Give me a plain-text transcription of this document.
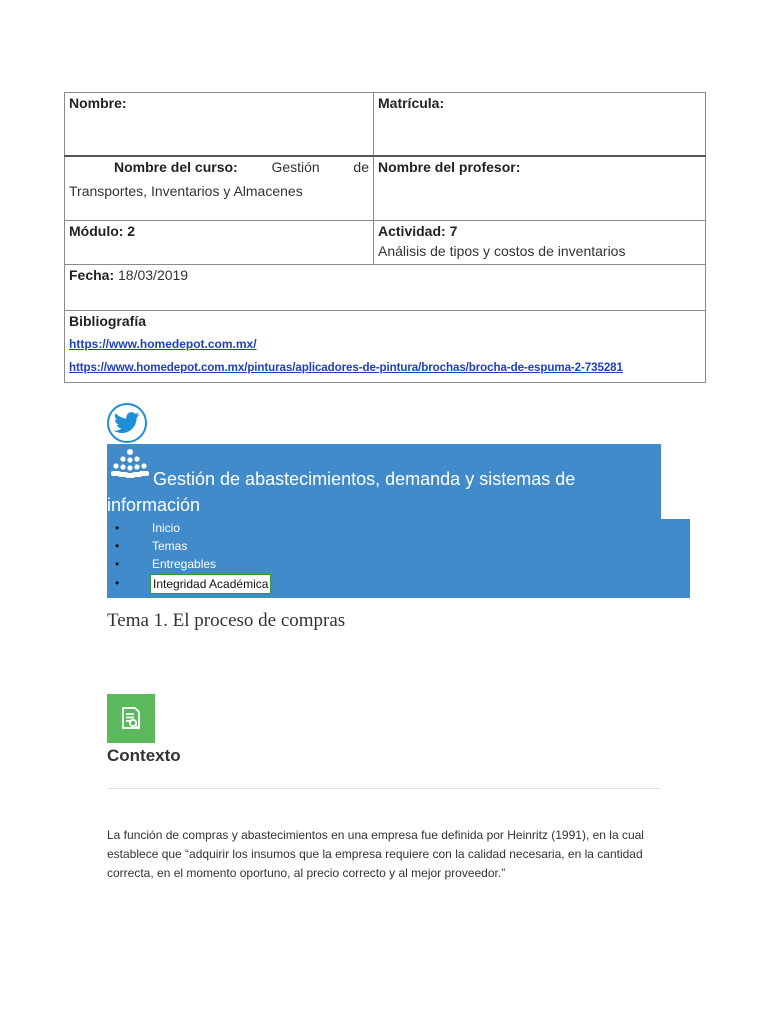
Nombre:	Matrícula:

Nombre del curso: Gestión de
Transportes, Inventarios y Almacenes	Nombre del profesor:
Módulo: 2	Actividad: 7
Análisis de tipos y costos de inventarios

Fecha: 18/03/2019	

Bibliografía
https://www.homedepot.com.mx/
https://www.homedepot.com.mx/pinturas/aplicadores-de-pintura/brochas/brocha-de-espuma-2-735281	
Gestión de abastecimientos, demanda y sistemas de información
•	Inicio
•	Temas
•	Entregables
•	Integridad Académica
Tema 1. El proceso de compras
Contexto

La función de compras y abastecimientos en una empresa fue definida por Heinritz (1991), en la cual establece que “adquirir los insumos que la empresa requiere con la calidad necesaria, en la cantidad correcta, en el momento oportuno, al precio correcto y al mejor proveedor.”
